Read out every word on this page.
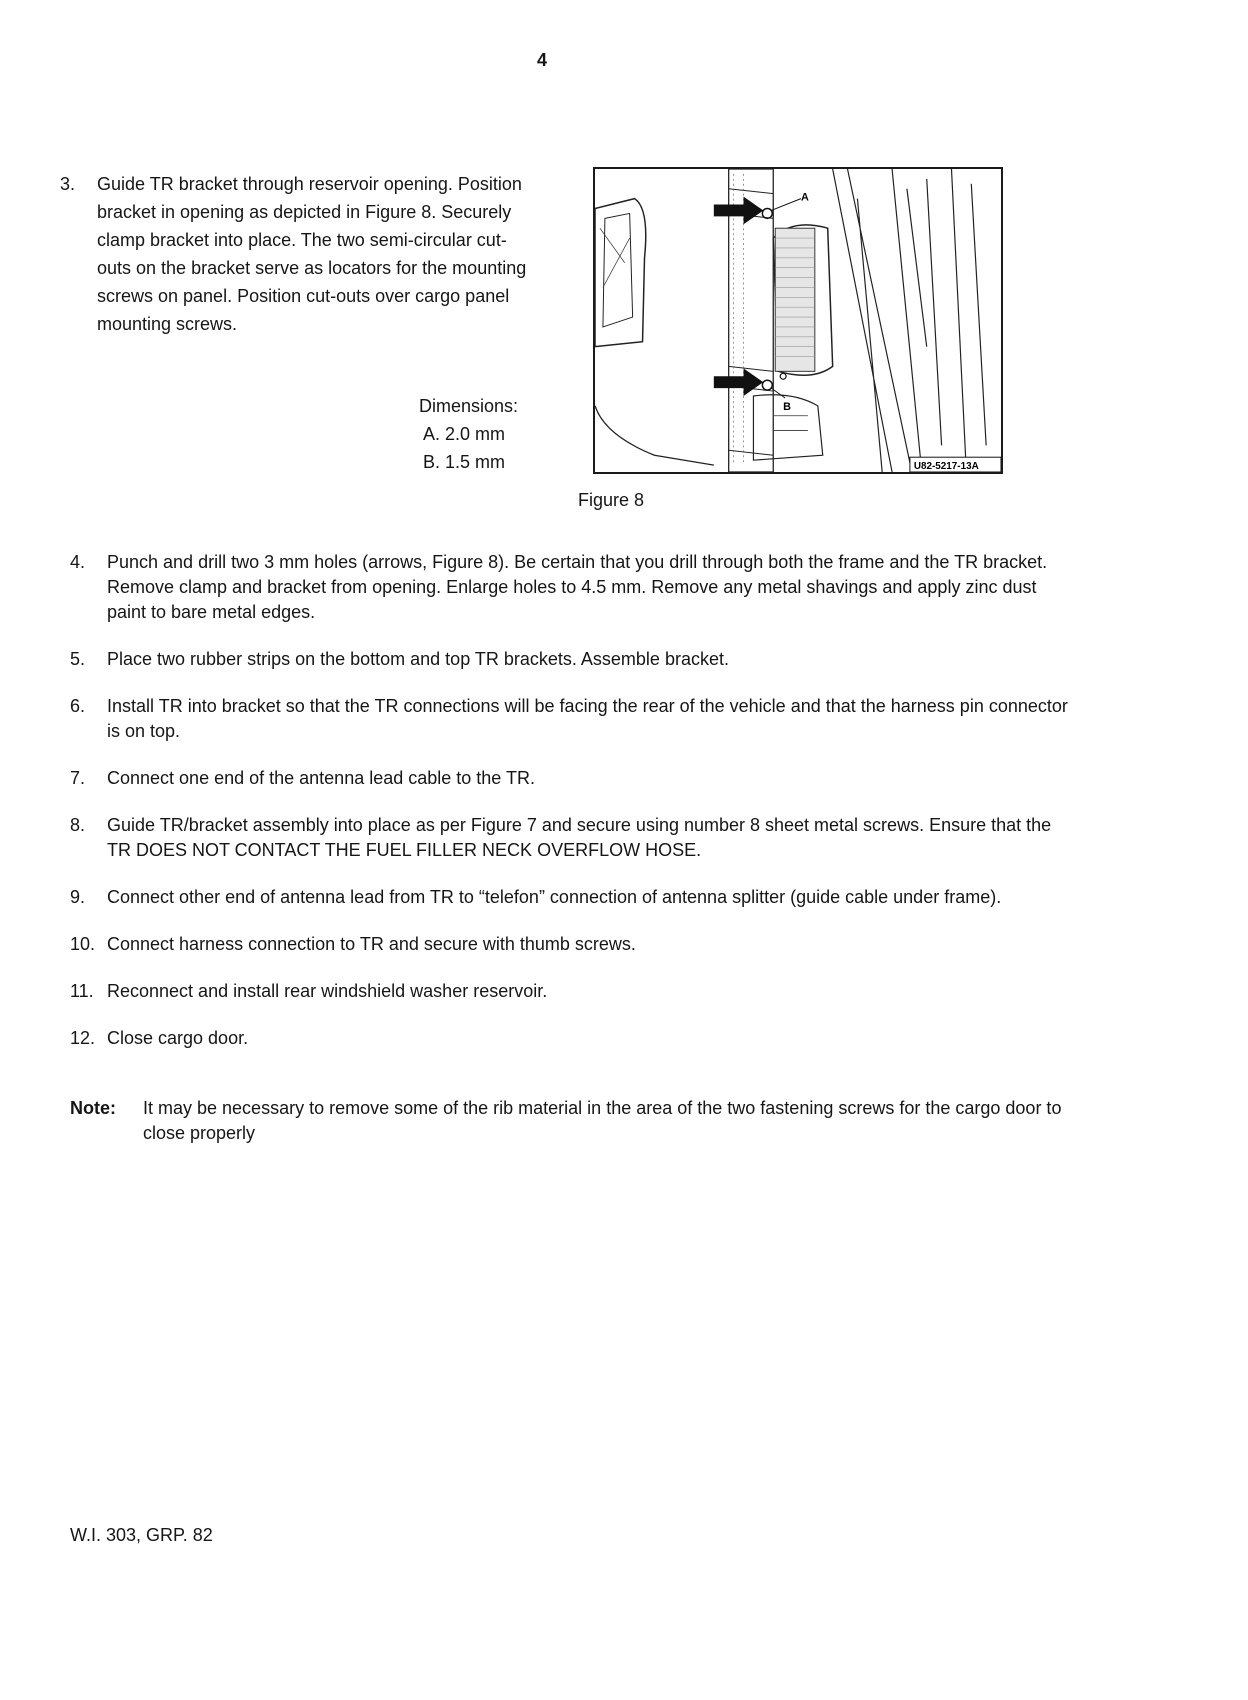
4
3. Guide TR bracket through reservoir opening. Position bracket in opening as depicted in Figure 8. Securely clamp bracket into place. The two semi-circular cut-outs on the bracket serve as locators for the mounting screws on panel. Position cut-outs over cargo panel mounting screws.
Dimensions:
A. 2.0 mm
B. 1.5 mm
A
B
U82-5217-13A
Figure 8
4. Punch and drill two 3 mm holes (arrows, Figure 8). Be certain that you drill through both the frame and the TR bracket. Remove clamp and bracket from opening. Enlarge holes to 4.5 mm. Remove any metal shavings and apply zinc dust paint to bare metal edges.
5. Place two rubber strips on the bottom and top TR brackets. Assemble bracket.
6. Install TR into bracket so that the TR connections will be facing the rear of the vehicle and that the harness pin connector is on top.
7. Connect one end of the antenna lead cable to the TR.
8. Guide TR/bracket assembly into place as per Figure 7 and secure using number 8 sheet metal screws. Ensure that the TR DOES NOT CONTACT THE FUEL FILLER NECK OVERFLOW HOSE.
9. Connect other end of antenna lead from TR to “telefon” connection of antenna splitter (guide cable under frame).
10. Connect harness connection to TR and secure with thumb screws.
11. Reconnect and install rear windshield washer reservoir.
12. Close cargo door.
Note: It may be necessary to remove some of the rib material in the area of the two fastening screws for the cargo door to close properly
W.I. 303, GRP. 82
